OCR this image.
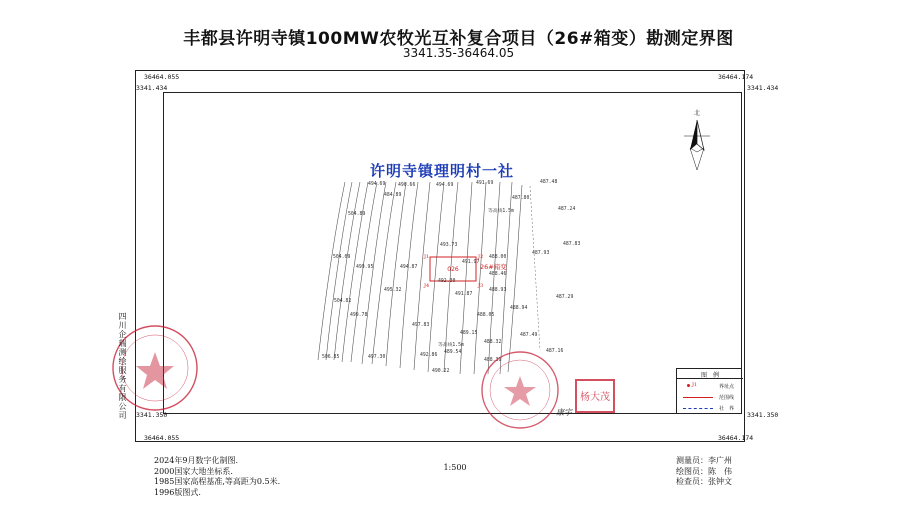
丰都县许明寺镇100MW农牧光互补复合项目（26#箱变）勘测定界图
3341.35-36464.05
36464.055
3341.434
36464.174
3341.434
3341.350
36464.055
3341.350
36464.174
026	26#箱变
J1	J2
J3
J4
494.69	490.66
484.89
494.69	491.69	487.48
487.80
487.24
504.89
493.73	487.83
487.93
488.00
504.09
499.95	494.87
488.46
495.32	488.93
487.29
504.82
499.78
491.87
488.94
488.05
497.83
489.15	487.49
488.32
487.16
506.85	497.30	492.86
489.54
488.39
490.22
492.30
491.97
等高线1.5m
等高线1.5m
北
杨大茂
康宇
许明寺镇理明村一社
四川企瑞测绘服务有限公司	图　例
J1	界址点
范围线
社　界
2024年9月数字化制图.
2000国家大地坐标系.
1985国家高程基准,等高距为0.5米.
1996版图式.
1:500
测量员：李广州
绘图员：陈　伟
检查员：张钟文
